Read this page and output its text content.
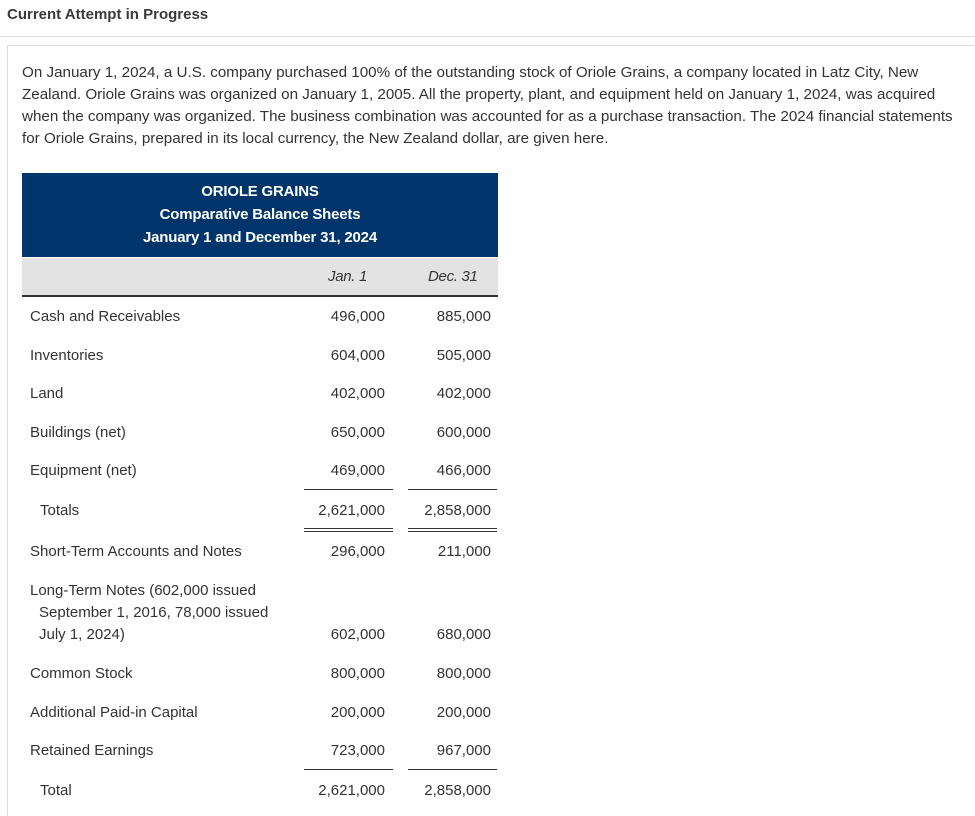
Current Attempt in Progress

On January 1, 2024, a U.S. company purchased 100% of the outstanding stock of Oriole Grains, a company located in Latz City, New Zealand. Oriole Grains was organized on January 1, 2005. All the property, plant, and equipment held on January 1, 2024, was acquired when the company was organized. The business combination was accounted for as a purchase transaction. The 2024 financial statements for Oriole Grains, prepared in its local currency, the New Zealand dollar, are given here.

ORIOLE GRAINS
Comparative Balance Sheets
January 1 and December 31, 2024
Jan. 1	Dec. 31
Cash and Receivables	496,000	885,000
Inventories	604,000	505,000
Land	402,000	402,000
Buildings (net)	650,000	600,000
Equipment (net)	469,000	466,000
Totals	2,621,000	2,858,000
Short-Term Accounts and Notes	296,000	211,000
Long-Term Notes (602,000 issued
September 1, 2016, 78,000 issued
July 1, 2024)	602,000	680,000
Common Stock	800,000	800,000
Additional Paid-in Capital	200,000	200,000
Retained Earnings	723,000	967,000
Total	2,621,000	2,858,000
